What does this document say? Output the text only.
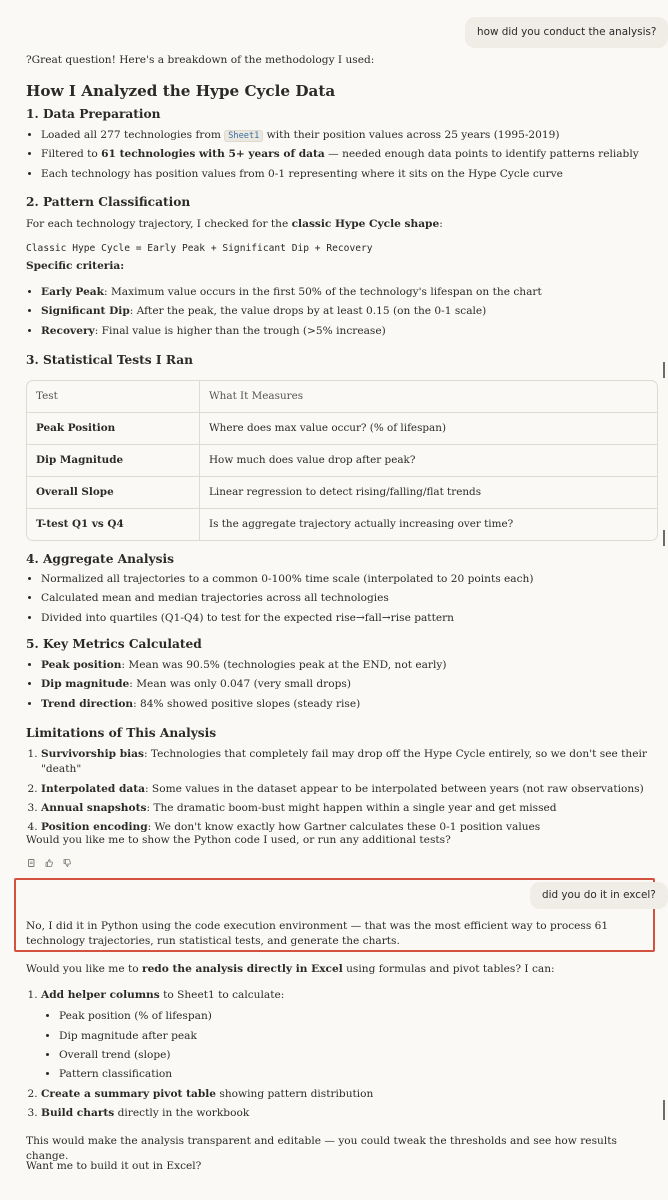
how did you conduct the analysis?

?Great question! Here's a breakdown of the methodology I used:

How I Analyzed the Hype Cycle Data
1. Data Preparation
• Loaded all 277 technologies from Sheet1 with their position values across 25 years (1995-2019)
• Filtered to 61 technologies with 5+ years of data — needed enough data points to identify patterns reliably
• Each technology has position values from 0-1 representing where it sits on the Hype Cycle curve
2. Pattern Classification

For each technology trajectory, I checked for the classic Hype Cycle shape:

Classic Hype Cycle = Early Peak + Significant Dip + Recovery

Specific criteria:

• Early Peak: Maximum value occurs in the first 50% of the technology's lifespan on the chart
• Significant Dip: After the peak, the value drops by at least 0.15 (on the 0-1 scale)
• Recovery: Final value is higher than the trough (>5% increase)
3. Statistical Tests I Ran
Test	What It Measures
Peak Position	Where does max value occur? (% of lifespan)
Dip Magnitude	How much does value drop after peak?
Overall Slope	Linear regression to detect rising/falling/flat trends
T-test Q1 vs Q4	Is the aggregate trajectory actually increasing over time?
4. Aggregate Analysis
• Normalized all trajectories to a common 0-100% time scale (interpolated to 20 points each)
• Calculated mean and median trajectories across all technologies
• Divided into quartiles (Q1-Q4) to test for the expected rise→fall→rise pattern
5. Key Metrics Calculated
• Peak position: Mean was 90.5% (technologies peak at the END, not early)
• Dip magnitude: Mean was only 0.047 (very small drops)
• Trend direction: 84% showed positive slopes (steady rise)
Limitations of This Analysis
1. Survivorship bias: Technologies that completely fail may drop off the Hype Cycle entirely, so we don't see their "death"
2. Interpolated data: Some values in the dataset appear to be interpolated between years (not raw observations)
3. Annual snapshots: The dramatic boom-bust might happen within a single year and get missed
4. Position encoding: We don't know exactly how Gartner calculates these 0-1 position values

Would you like me to show the Python code I used, or run any additional tests?

did you do it in excel?

No, I did it in Python using the code execution environment — that was the most efficient way to process 61 technology trajectories, run statistical tests, and generate the charts.

Would you like me to redo the analysis directly in Excel using formulas and pivot tables? I can:

1. Add helper columns to Sheet1 to calculate:
• Peak position (% of lifespan)
• Dip magnitude after peak
• Overall trend (slope)
• Pattern classification
2. Create a summary pivot table showing pattern distribution
3. Build charts directly in the workbook

This would make the analysis transparent and editable — you could tweak the thresholds and see how results change.

Want me to build it out in Excel?
